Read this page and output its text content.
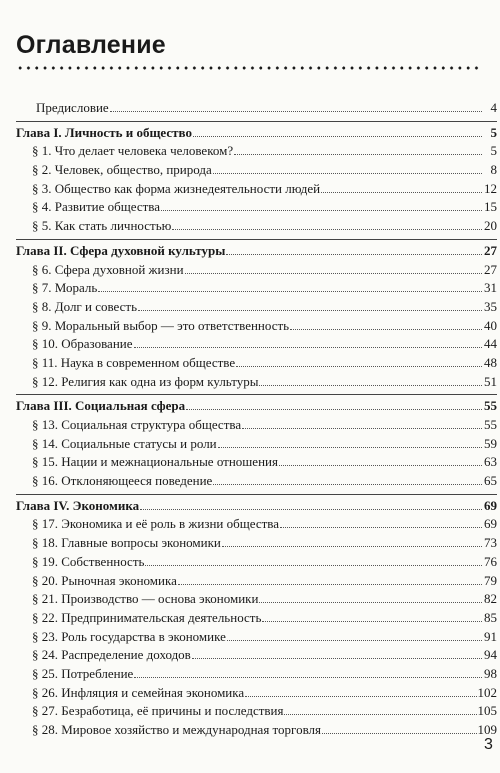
Оглавление
Предисловие	4
Глава I. Личность и общество	5
§ 1. Что делает человека человеком?	5
§ 2. Человек, общество, природа	8
§ 3. Общество как форма жизнедеятельности людей	12
§ 4. Развитие общества	15
§ 5. Как стать личностью	20
Глава II. Сфера духовной культуры	27
§ 6. Сфера духовной жизни	27
§ 7. Мораль	31
§ 8. Долг и совесть	35
§ 9. Моральный выбор — это ответственность	40
§ 10. Образование	44
§ 11. Наука в современном обществе	48
§ 12. Религия как одна из форм культуры	51
Глава III. Социальная сфера	55
§ 13. Социальная структура общества	55
§ 14. Социальные статусы и роли	59
§ 15. Нации и межнациональные отношения	63
§ 16. Отклоняющееся поведение	65
Глава IV. Экономика	69
§ 17. Экономика и её роль в жизни общества	69
§ 18. Главные вопросы экономики	73
§ 19. Собственность	76
§ 20. Рыночная экономика	79
§ 21. Производство — основа экономики	82
§ 22. Предпринимательская деятельность	85
§ 23. Роль государства в экономике	91
§ 24. Распределение доходов	94
§ 25. Потребление	98
§ 26. Инфляция и семейная экономика	102
§ 27. Безработица, её причины и последствия	105
§ 28. Мировое хозяйство и международная торговля	109
3
